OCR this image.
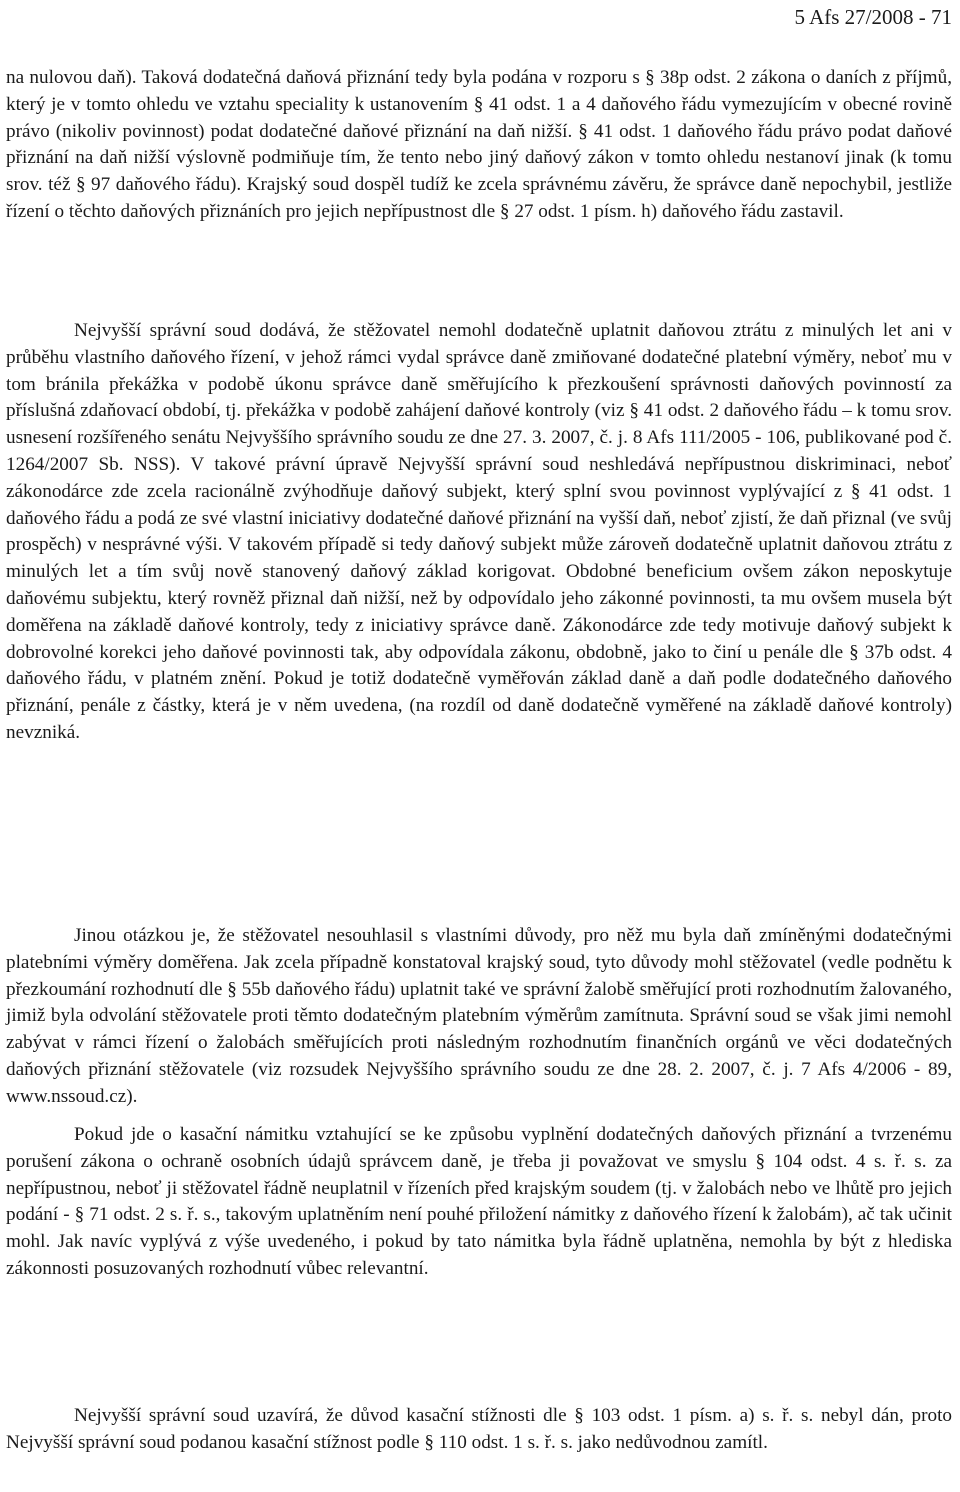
5 Afs 27/2008 - 71

na nulovou daň). Taková dodatečná daňová přiznání tedy byla podána v rozporu s § 38p odst. 2 zákona o daních z příjmů, který je v tomto ohledu ve vztahu speciality k ustanovením § 41 odst. 1 a 4 daňového řádu vymezujícím v obecné rovině právo (nikoliv povinnost) podat dodatečné daňové přiznání na daň nižší. § 41 odst. 1 daňového řádu právo podat daňové přiznání na daň nižší výslovně podmiňuje tím, že tento nebo jiný daňový zákon v tomto ohledu nestanoví jinak (k tomu srov. též § 97 daňového řádu). Krajský soud dospěl tudíž ke zcela správnému závěru, že správce daně nepochybil, jestliže řízení o těchto daňových přiznáních pro jejich nepřípustnost dle § 27 odst. 1 písm. h) daňového řádu zastavil.

Nejvyšší správní soud dodává, že stěžovatel nemohl dodatečně uplatnit daňovou ztrátu z minulých let ani v průběhu vlastního daňového řízení, v jehož rámci vydal správce daně zmiňované dodatečné platební výměry, neboť mu v tom bránila překážka v podobě úkonu správce daně směřujícího k přezkoušení správnosti daňových povinností za příslušná zdaňovací období, tj. překážka v podobě zahájení daňové kontroly (viz § 41 odst. 2 daňového řádu – k tomu srov. usnesení rozšířeného senátu Nejvyššího správního soudu ze dne 27. 3. 2007, č. j. 8 Afs 111/2005 - 106, publikované pod č. 1264/2007 Sb. NSS). V takové právní úpravě Nejvyšší správní soud neshledává nepřípustnou diskriminaci, neboť zákonodárce zde zcela racionálně zvýhodňuje daňový subjekt, který splní svou povinnost vyplývající z § 41 odst. 1 daňového řádu a podá ze své vlastní iniciativy dodatečné daňové přiznání na vyšší daň, neboť zjistí, že daň přiznal (ve svůj prospěch) v nesprávné výši. V takovém případě si tedy daňový subjekt může zároveň dodatečně uplatnit daňovou ztrátu z minulých let a tím svůj nově stanovený daňový základ korigovat. Obdobné beneficium ovšem zákon neposkytuje daňovému subjektu, který rovněž přiznal daň nižší, než by odpovídalo jeho zákonné povinnosti, ta mu ovšem musela být doměřena na základě daňové kontroly, tedy z iniciativy správce daně. Zákonodárce zde tedy motivuje daňový subjekt k dobrovolné korekci jeho daňové povinnosti tak, aby odpovídala zákonu, obdobně, jako to činí u penále dle § 37b odst. 4 daňového řádu, v platném znění. Pokud je totiž dodatečně vyměřován základ daně a daň podle dodatečného daňového přiznání, penále z částky, která je v něm uvedena, (na rozdíl od daně dodatečně vyměřené na základě daňové kontroly) nevzniká.

Jinou otázkou je, že stěžovatel nesouhlasil s vlastními důvody, pro něž mu byla daň zmíněnými dodatečnými platebními výměry doměřena. Jak zcela případně konstatoval krajský soud, tyto důvody mohl stěžovatel (vedle podnětu k přezkoumání rozhodnutí dle § 55b daňového řádu) uplatnit také ve správní žalobě směřující proti rozhodnutím žalovaného, jimiž byla odvolání stěžovatele proti těmto dodatečným platebním výměrům zamítnuta. Správní soud se však jimi nemohl zabývat v rámci řízení o žalobách směřujících proti následným rozhodnutím finančních orgánů ve věci dodatečných daňových přiznání stěžovatele (viz rozsudek Nejvyššího správního soudu ze dne 28. 2. 2007, č. j. 7 Afs 4/2006 - 89, www.nssoud.cz).

Pokud jde o kasační námitku vztahující se ke způsobu vyplnění dodatečných daňových přiznání a tvrzenému porušení zákona o ochraně osobních údajů správcem daně, je třeba ji považovat ve smyslu § 104 odst. 4 s. ř. s. za nepřípustnou, neboť ji stěžovatel řádně neuplatnil v řízeních před krajským soudem (tj. v žalobách nebo ve lhůtě pro jejich podání - § 71 odst. 2 s. ř. s., takovým uplatněním není pouhé přiložení námitky z daňového řízení k žalobám), ač tak učinit mohl. Jak navíc vyplývá z výše uvedeného, i pokud by tato námitka byla řádně uplatněna, nemohla by být z hlediska zákonnosti posuzovaných rozhodnutí vůbec relevantní.

Nejvyšší správní soud uzavírá, že důvod kasační stížnosti dle § 103 odst. 1 písm. a) s. ř. s. nebyl dán, proto Nejvyšší správní soud podanou kasační stížnost podle § 110 odst. 1 s. ř. s. jako nedůvodnou zamítl.
